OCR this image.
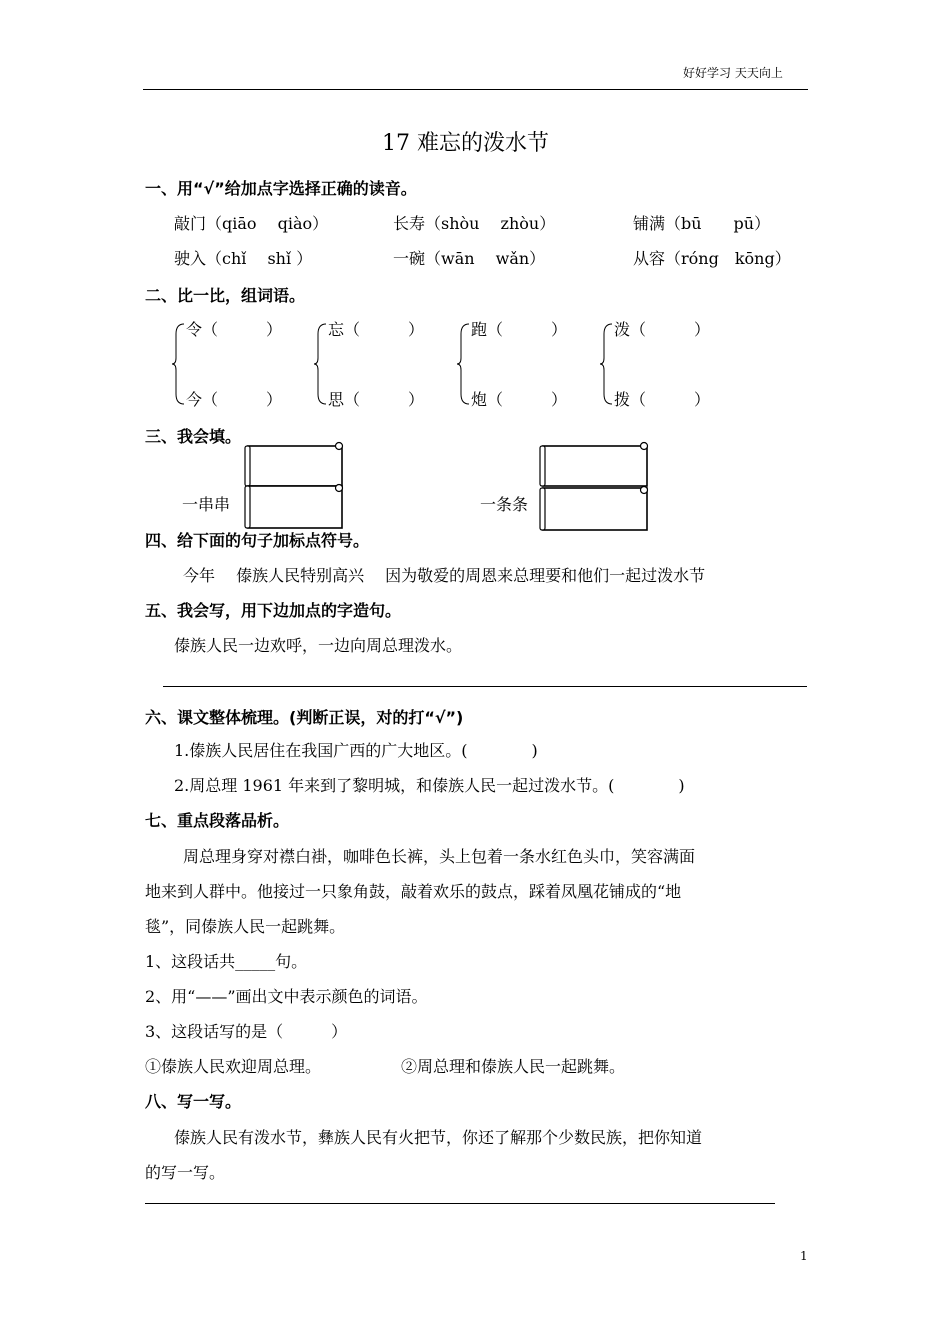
好好学习 天天向上
17 难忘的泼水节
一、用“√”给加点字选择正确的读音。
敲门（qiāo　 qiào）	长寿（shòu　 zhòu）	铺满（bū　　pū）
驶入（chǐ　 shǐ ）	一碗（wān　 wǎn）	从容（róng　kōng）
二、比一比，组词语。
令（　　　）
今（　　　）
忘（　　　）
思（　　　）
跑（　　　）
炮（　　　）
泼（　　　）
拨（　　　）
三、我会填。
一串串	一条条
四、给下面的句子加标点符号。
今年　 傣族人民特别高兴　 因为敬爱的周恩来总理要和他们一起过泼水节
五、我会写，用下边加点的字造句。
傣族人民一边欢呼，一边向周总理泼水。
六、课文整体梳理。(判断正误，对的打“√”)
1.傣族人民居住在我国广西的广大地区。(　　　　)
2.周总理 1961 年来到了黎明城，和傣族人民一起过泼水节。(　　　　)
七、重点段落品析。
周总理身穿对襟白褂，咖啡色长裤，头上包着一条水红色头巾，笑容满面
地来到人群中。他接过一只象角鼓，敲着欢乐的鼓点，踩着凤凰花铺成的“地
毯”，同傣族人民一起跳舞。
1、这段话共_____句。
2、用“——”画出文中表示颜色的词语。
3、这段话写的是（　　　）
①傣族人民欢迎周总理。	②周总理和傣族人民一起跳舞。
八、写一写。
傣族人民有泼水节，彝族人民有火把节，你还了解那个少数民族，把你知道
的写一写。
1
